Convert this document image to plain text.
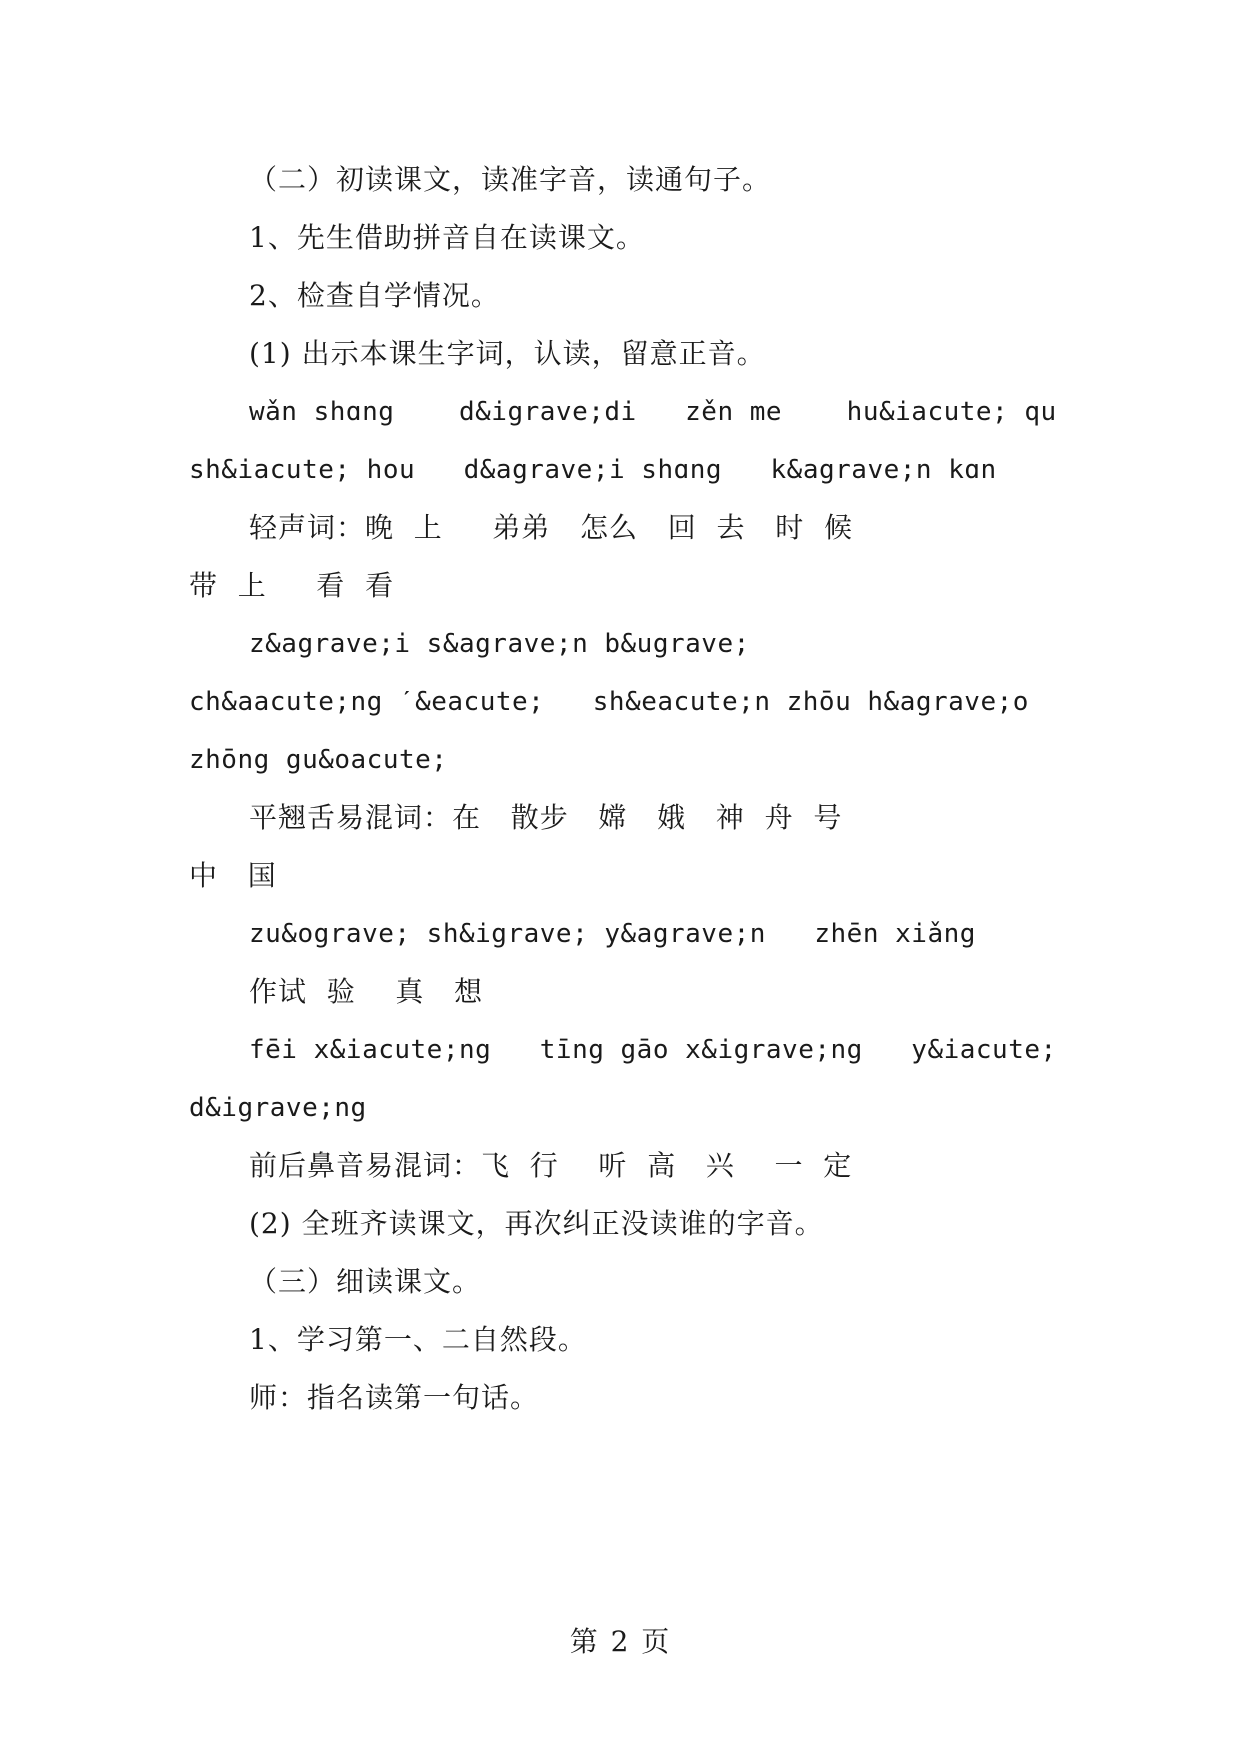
（二）初读课文，读准字音，读通句子。
1、先生借助拼音自在读课文。
2、检查自学情况。
(1) 出示本课生字词，认读，留意正音。
wǎn shɑng    d&igrave;di   zěn me    hu&iacute; qu
sh&iacute; hou   d&agrave;i shɑng   k&agrave;n kɑn
轻声词：晚  上     弟弟   怎么   回  去   时  候
带  上     看  看
z&agrave;i s&agrave;n b&ugrave;
ch&aacute;ng ˊ&eacute;   sh&eacute;n zhōu h&agrave;o
zhōng gu&oacute;
平翘舌易混词：在   散步   嫦   娥   神  舟  号
中   国
zu&ograve; sh&igrave; y&agrave;n   zhēn xiǎng
作试  验    真   想
fēi x&iacute;ng   tīng gāo x&igrave;ng   y&iacute;
d&igrave;ng
前后鼻音易混词：飞  行    听  高   兴    一  定
(2) 全班齐读课文，再次纠正没读谁的字音。
（三）细读课文。
1、学习第一、二自然段。
师：指名读第一句话。
第 2 页
